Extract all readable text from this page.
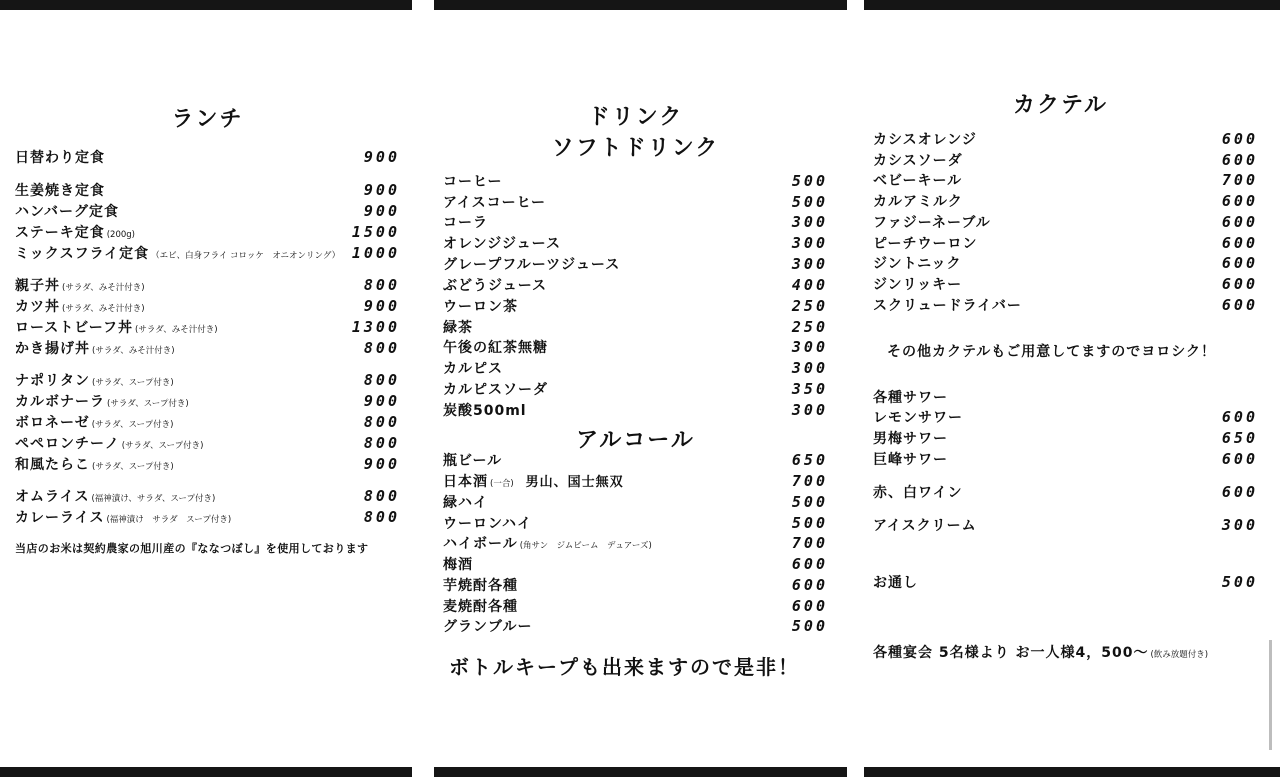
ランチ
日替わり定食	900
生姜焼き定食	900
ハンバーグ定食	900
ステーキ定食 (200g)	1500
ミックスフライ定食 （エビ、白身フライ コロッケ　オニオンリング） 1000
親子丼 (サラダ、みそ汁付き)	800
カツ丼 (サラダ、みそ汁付き)	900
ローストビーフ丼 (サラダ、みそ汁付き)	1300
かき揚げ丼 (サラダ、みそ汁付き)	800
ナポリタン (サラダ、スープ付き)	800
カルボナーラ (サラダ、スープ付き)	900
ボロネーゼ (サラダ、スープ付き)	800
ペペロンチーノ (サラダ、スープ付き)	800
和風たらこ (サラダ、スープ付き)	900
オムライス (福神漬け、サラダ、スープ付き)	800
カレーライス (福神漬け　サラダ　スープ付き)	800
当店のお米は契約農家の旭川産の『ななつぼし』を使用しております
ドリンク
ソフトドリンク
コーヒー	500
アイスコーヒー	500
コーラ	300
オレンジジュース	300
グレープフルーツジュース	300
ぶどうジュース	400
ウーロン茶	250
緑茶	250
午後の紅茶無糖	300
カルピス	300
カルピスソーダ	350
炭酸500ml	300
アルコール
瓶ビール	650
日本酒 (一合) 男山、国士無双	700
緑ハイ	500
ウーロンハイ	500
ハイボール (角サン　ジムビーム　デュアーズ)	700
梅酒	600
芋焼酎各種	600
麦焼酎各種	600
グランブルー	500
ボトルキープも出来ますので是非！
カクテル
カシスオレンジ	600
カシスソーダ	600
ベビーキール	700
カルアミルク	600
ファジーネーブル	600
ピーチウーロン	600
ジントニック	600
ジンリッキー	600
スクリュードライバー	600
その他カクテルもご用意してますのでヨロシク！
各種サワー
レモンサワー	600
男梅サワー	650
巨峰サワー	600
赤、白ワイン	600
アイスクリーム	300
お通し	500
各種宴会 5名様より お一人様4，500～ (飲み放題付き)
